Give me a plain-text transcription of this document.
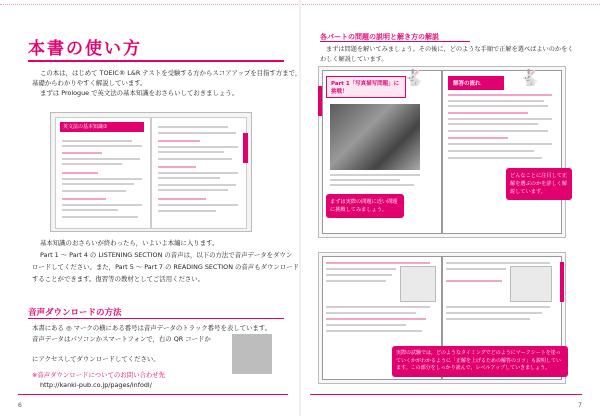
本書の使い方
この本は，はじめて TOEIC® L&R テストを受験する方からスコアアップを目指す方まで，
基礎からわかりやすく解説しています。
まずは Prologue で英文法の基本知識をおさらいしておきましょう。
英文法の基本知識①
基本知識のおさらいが終わったら，いよいよ本編に入ります。
Part 1 ～ Part 4 の LISTENING SECTION の音声は，以下の方法で音声データをダウン
ロードしてください。また，Part 5 ～ Part 7 の READING SECTION の音声もダウンロード
することができます。復習等の教材としてご活用ください。
音声ダウンロードの方法
本書にある ◎ マークの横にある番号は音声データのトラック番号を表しています。
音声データはパソコンかスマートフォンで，右の QR コードか
にアクセスしてダウンロードしてください。
※音声ダウンロードについてのお問い合わせ先
http://kanki-pub.co.jp/pages/infodl/
6
各パートの問題の説明と解き方の解説
まずは問題を解いてみましょう。その後に，どのような手順で正解を選べばよいのかをく
わしく解説しています。
Part 1「写真描写問題」に挑戦！
🐇
まずは実際の問題に近い問題に挑戦してみましょう。
解答の流れ	🐇
どんなことに注目して正解を選ぶのかを詳しく解説しています。
実際の試験では，どのようなタイミングでどのようにマークシートを塗っていくかがわかるように「正解を上げるための解答のコツ」も説明しています。この部分をしっかり読んで，レベルアップしていきましょう。
7
